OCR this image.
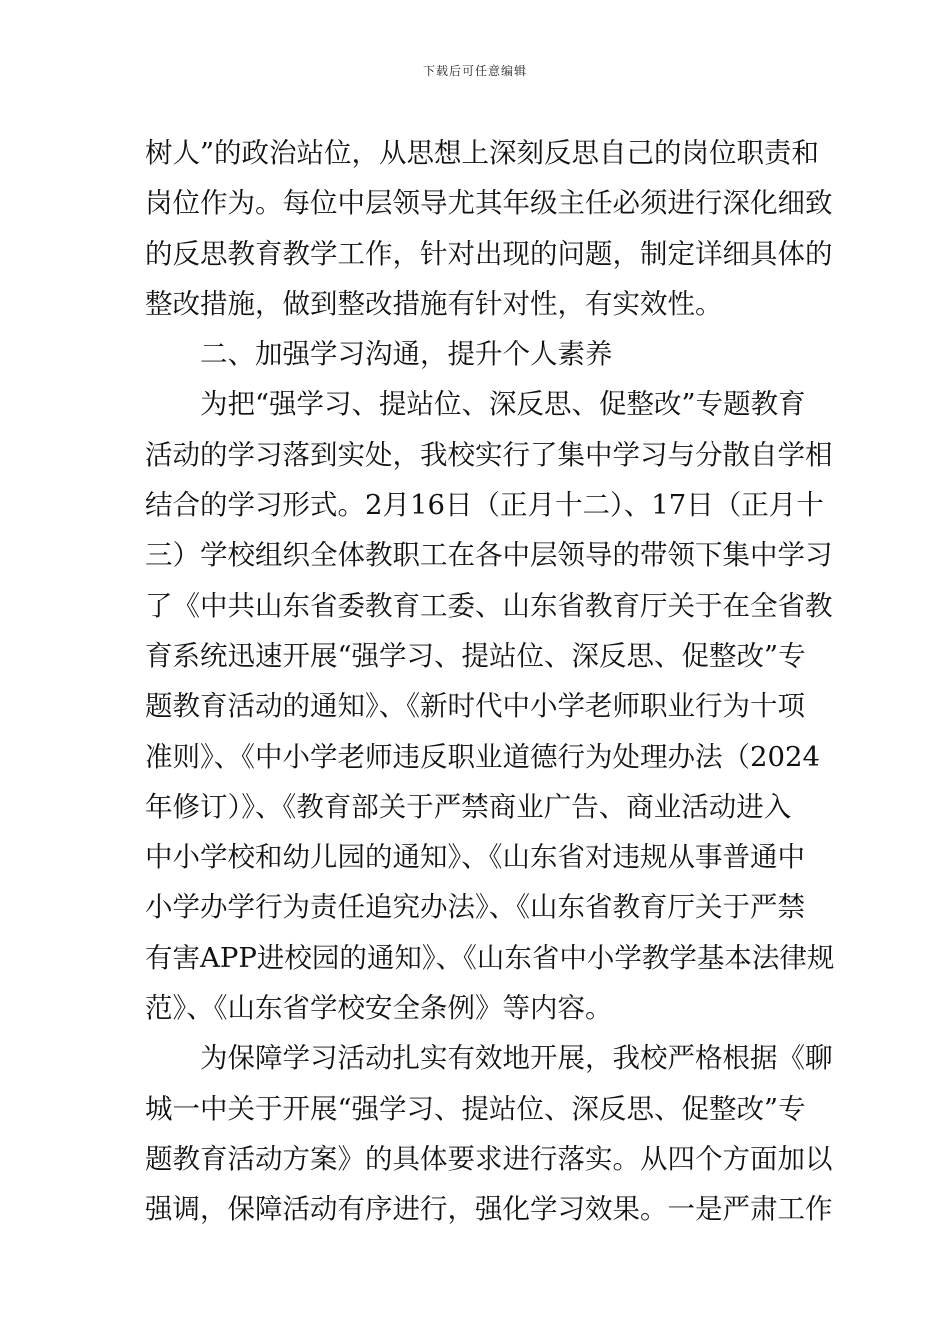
下载后可任意编辑

树人”的政治站位，从思想上深刻反思自己的岗位职责和
岗位作为。每位中层领导尤其年级主任必须进行深化细致
的反思教育教学工作，针对出现的问题，制定详细具体的
整改措施，做到整改措施有针对性，有实效性。

二、加强学习沟通，提升个人素养

为把“强学习、提站位、深反思、促整改”专题教育
活动的学习落到实处，我校实行了集中学习与分散自学相
结合的学习形式。2月16日（正月十二）、17日（正月十
三）学校组织全体教职工在各中层领导的带领下集中学习
了《中共山东省委教育工委、山东省教育厅关于在全省教
育系统迅速开展“强学习、提站位、深反思、促整改”专
题教育活动的通知》、《新时代中小学老师职业行为十项
准则》、《中小学老师违反职业道德行为处理办法（2024
年修订）》、《教育部关于严禁商业广告、商业活动进入
中小学校和幼儿园的通知》、《山东省对违规从事普通中
小学办学行为责任追究办法》、《山东省教育厅关于严禁
有害APP进校园的通知》、《山东省中小学教学基本法律规
范》、《山东省学校安全条例》等内容。

为保障学习活动扎实有效地开展，我校严格根据《聊
城一中关于开展“强学习、提站位、深反思、促整改”专
题教育活动方案》的具体要求进行落实。从四个方面加以
强调，保障活动有序进行，强化学习效果。一是严肃工作
